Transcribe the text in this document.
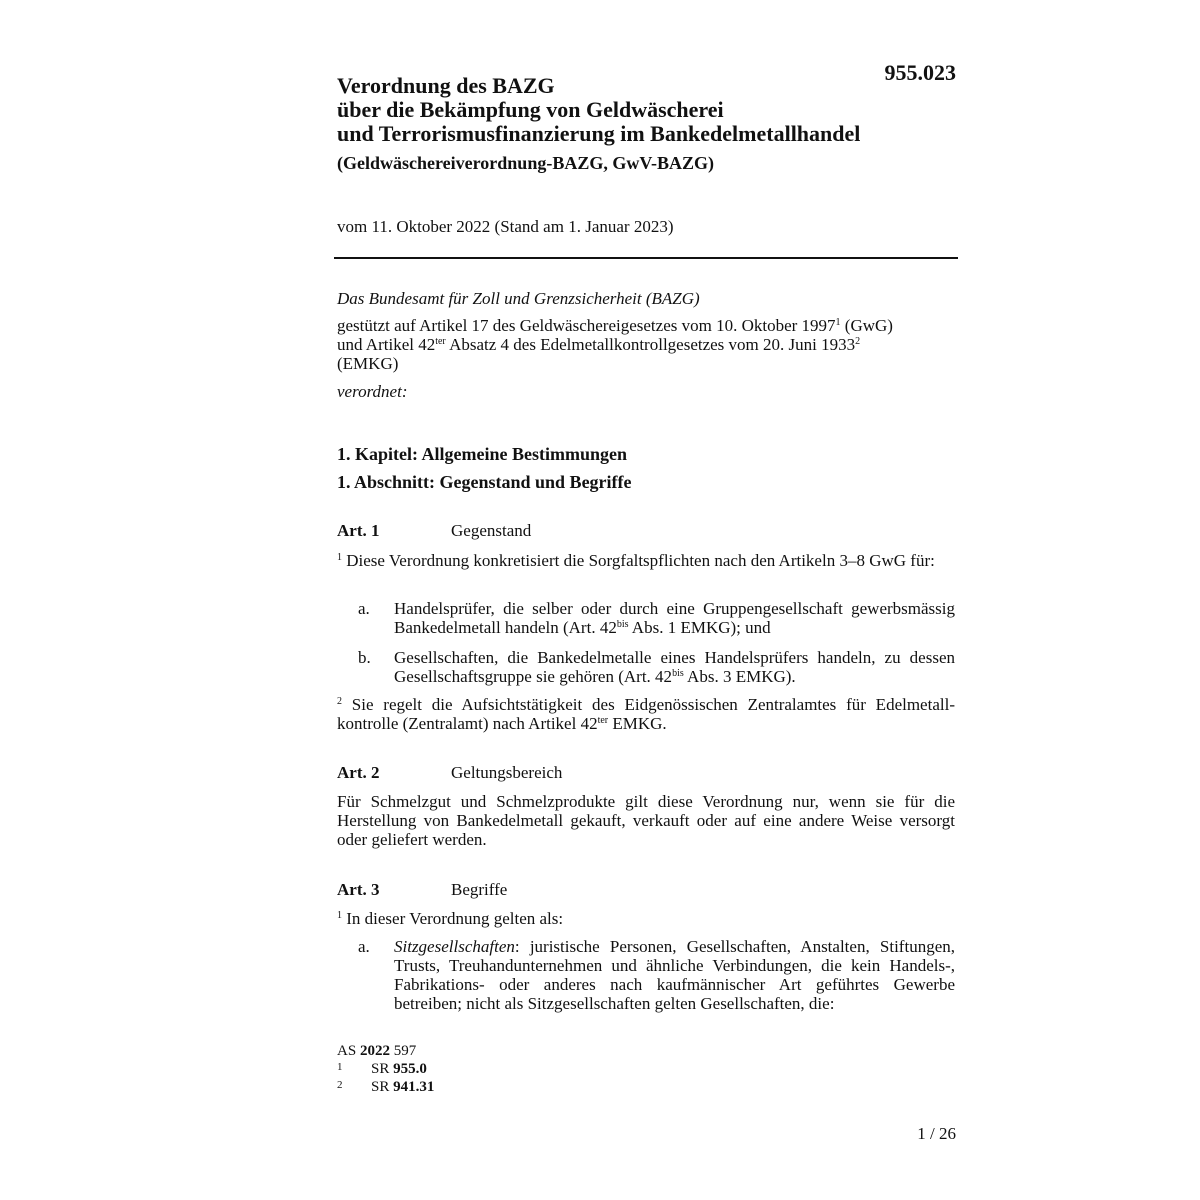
955.023
Verordnung des BAZG
über die Bekämpfung von Geldwäscherei
und Terrorismusfinanzierung im Bankedelmetallhandel
(Geldwäschereiverordnung-BAZG, GwV-BAZG)
vom 11. Oktober 2022 (Stand am 1. Januar 2023)
Das Bundesamt für Zoll und Grenzsicherheit (BAZG)
gestützt auf Artikel 17 des Geldwäschereigesetzes vom 10. Oktober 1997$^1$ (GwG)
und Artikel $42^{ter}$ Absatz 4 des Edelmetallkontrollgesetzes vom 20. Juni 1933$^2$
(EMKG)
verordnet:
1. Kapitel: Allgemeine Bestimmungen
1. Abschnitt: Gegenstand und Begriffe
Art. 1	Gegenstand
$^1$ Diese Verordnung konkretisiert die Sorgfaltspflichten nach den Artikeln 3–8 GwG für:
a.	Handelsprüfer, die selber oder durch eine Gruppengesellschaft gewerbsmässig Bankedelmetall handeln (Art. $42^{bis}$ Abs. 1 EMKG); und
b.	Gesellschaften, die Bankedelmetalle eines Handelsprüfers handeln, zu dessen Gesellschaftsgruppe sie gehören (Art. $42^{bis}$ Abs. 3 EMKG).
$^2$ Sie regelt die Aufsichtstätigkeit des Eidgenössischen Zentralamtes für Edelmetallkontrolle (Zentralamt) nach Artikel $42^{ter}$ EMKG.
Art. 2	Geltungsbereich
Für Schmelzgut und Schmelzprodukte gilt diese Verordnung nur, wenn sie für die Herstellung von Bankedelmetall gekauft, verkauft oder auf eine andere Weise versorgt oder geliefert werden.
Art. 3	Begriffe
$^1$ In dieser Verordnung gelten als:
a.	Sitzgesellschaften: juristische Personen, Gesellschaften, Anstalten, Stiftungen, Trusts, Treuhandunternehmen und ähnliche Verbindungen, die kein Handels-, Fabrikations- oder anderes nach kaufmännischer Art geführtes Gewerbe betreiben; nicht als Sitzgesellschaften gelten Gesellschaften, die:
AS 2022 597
1 SR 955.0
2 SR 941.31
1 / 26
